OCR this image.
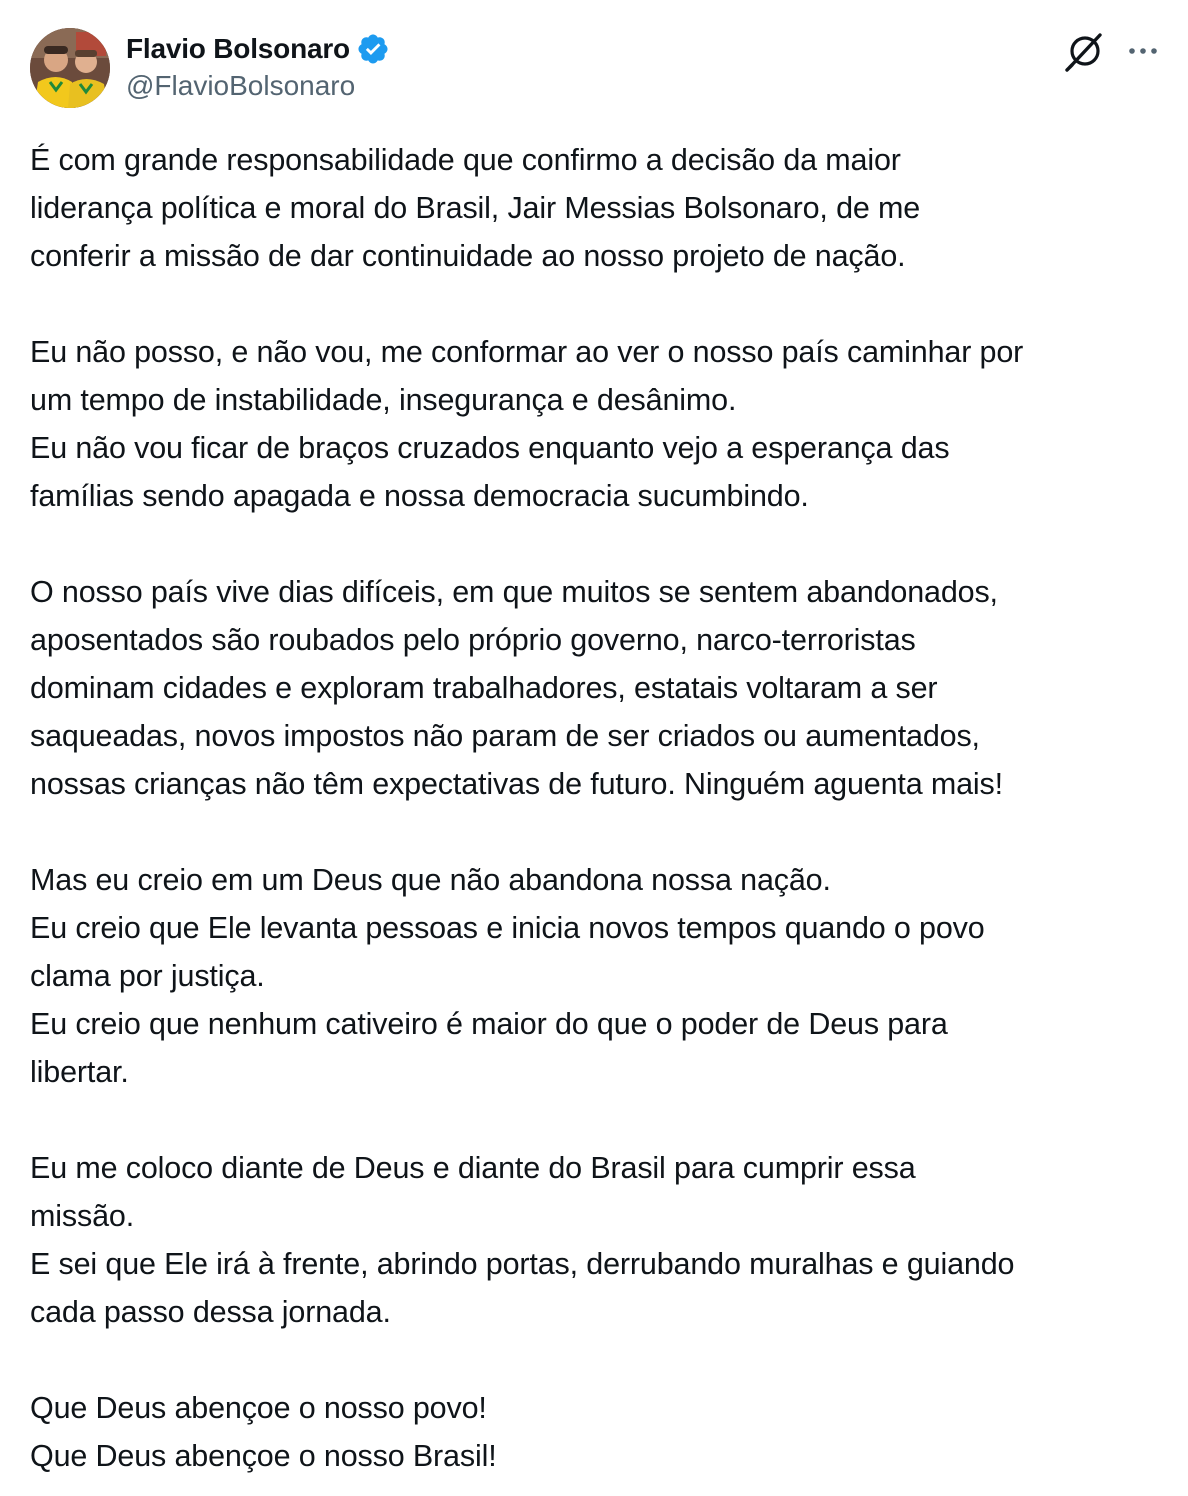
Flavio Bolsonaro
@FlavioBolsonaro

É com grande responsabilidade que confirmo a decisão da maior
liderança política e moral do Brasil, Jair Messias Bolsonaro, de me
conferir a missão de dar continuidade ao nosso projeto de nação.

Eu não posso, e não vou, me conformar ao ver o nosso país caminhar por
um tempo de instabilidade, insegurança e desânimo.
Eu não vou ficar de braços cruzados enquanto vejo a esperança das
famílias sendo apagada e nossa democracia sucumbindo.

O nosso país vive dias difíceis, em que muitos se sentem abandonados,
aposentados são roubados pelo próprio governo, narco-terroristas
dominam cidades e exploram trabalhadores, estatais voltaram a ser
saqueadas, novos impostos não param de ser criados ou aumentados,
nossas crianças não têm expectativas de futuro. Ninguém aguenta mais!

Mas eu creio em um Deus que não abandona nossa nação.
Eu creio que Ele levanta pessoas e inicia novos tempos quando o povo
clama por justiça.
Eu creio que nenhum cativeiro é maior do que o poder de Deus para
libertar.

Eu me coloco diante de Deus e diante do Brasil para cumprir essa
missão.
E sei que Ele irá à frente, abrindo portas, derrubando muralhas e guiando
cada passo dessa jornada.

Que Deus abençoe o nosso povo!
Que Deus abençoe o nosso Brasil!
